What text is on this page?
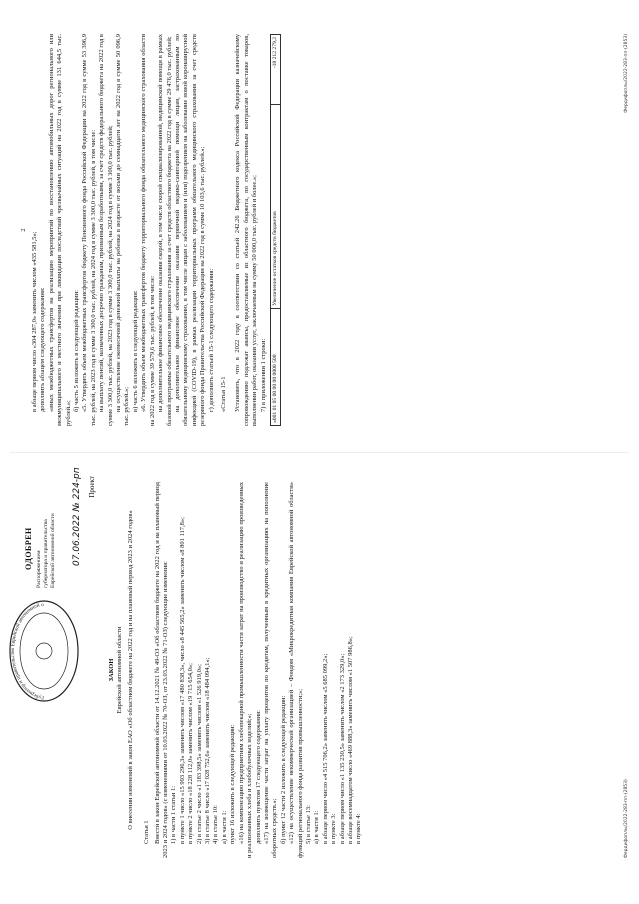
Губернатор и правительство Еврейской автономной о
ОДОБРЕН Распоряжением губернатора и правительства Еврейской автономной области 07.06.2022 № 224-рп Проект

ЗАКОН Еврейской автономной области О внесении изменений в закон ЕАО «Об областном бюджете на 2022 год и на плановый период 2023 и 2024 годов»

Статья 1 Внести в закон Еврейской автономной области от 14.12.2021 № 49-ОЗ «Об областном бюджете на 2022 год и на плановый период 2023 и 2024 годов» (с изменениями от 10.03.2022 № 70-ОЗ, от 23.03.2022 № 71-ОЗ) следующие изменения: 1) в части 1 статьи 1: в пункте 1 число «15 993 296,3» заменить числом «17 480 838,3», число «8 445 565,2» заменить числом «8 801 117,8»; в пункте 2 число «18 228 112,0» заменить числом «19 715 654,0»; 2) в статье 2 число «1 183 398,5» заменить числом «1 526 919,0»; 3) в статье 8 число «17 028 752,6» заменить числом «18 484 094,1»; 4) в статье 10: а) в части 1: пункт 16 изложить в следующей редакции: «16) на компенсацию предприятиям хлебопекарной промышленности части затрат на производство и реализацию произведенных и реализованных хлеба и хлебобулочных изделий;»; дополнить пунктом 17 следующего содержания: «17) на возмещение части затрат на уплату процентов по кредитам, полученным в кредитных организациях на пополнение оборотных средств.»; б) пункт 12 части 2 изложить в следующей редакции: «12) на осуществление некоммерческой организацией – Фондом «Микрокредитная компания Еврейской автономной области» функций регионального фонда развития промышленности;»; 5) в статье 13: а) в части 1: в абзаце первом число «4 515 706,2» заменить числом «5 685 099,2»; в пункте 3: в абзаце первом число «1 135 230,5» заменить числом «2 173 329,0»; в абзаце восемнадцатом число «469 888,3» заменить числом «1 507 986,8»; в пункте 4:	Фердифоплы/2022-283-пп-(2853)
2

в абзаце первом число «304 287,0» заменить числом «435 581,5»; дополнить абзацем следующего содержания: «иных межбюджетных трансфертов на реализацию мероприятий по восстановлению автомобильных дорог регионального или межмуниципального и местного значения при ликвидации последствий чрезвычайных ситуаций на 2022 год в сумме 131 644,5 тыс. рублей.»;

б) часть 5 изложить в следующей редакции: «5. Утвердить объем межбюджетных трансфертов бюджету Пенсионного фонда Российской Федерации на 2022 год в сумме 53 396,9 тыс. рублей, на 2023 год в сумме 3 300,0 тыс. рублей, на 2024 год в сумме 3 300,0 тыс. рублей, в том числе: на выплату пенсий, назначенных досрочно гражданам, признанным безработными, за счет средств федерального бюджета на 2022 год в сумме 3 300,0 тыс. рублей, на 2023 год в сумме 3 300,0 тыс. рублей, на 2024 год в сумме 3 300,0 тыс. рублей; на осуществление ежемесячной денежной выплаты на ребенка в возрасте от восьми до семнадцати лет на 2022 год в сумме 50 096,9 тыс. рублей.»; в) часть 6 изложить в следующей редакции: «6. Утвердить объем межбюджетных трансфертов бюджету территориального фонда обязательного медицинского страхования области на 2022 год в сумме 39 579,6 тыс. рублей, в том числе: на дополнительное финансовое обеспечение оказания скорой, в том числе скорой специализированной, медицинской помощи в рамках базовой программы обязательного медицинского страхования за счет средств областного бюджета на 2022 год в сумме 29 476,0 тыс. рублей; на дополнительное финансовое обеспечение оказания первичной медико-санитарной помощи лицам, застрахованным по обязательному медицинскому страхованию, в том числе лицам с заболеванием и (или) подозрением на заболевание новой коронавирусной инфекцией (COVID-19), в рамках реализации территориальных программ обязательного медицинского страхования за счет средств резервного фонда Правительства Российской Федерации на 2022 год в сумме 10 103,6 тыс. рублей.»; г) дополнить статьей 15-1 следующего содержания: «Статья 15-1 Установить, что в 2022 году в соответствии со статьей 242.26 Бюджетного кодекса Российской Федерации казначейскому сопровождению подлежат авансы, предоставляемые из областного бюджета, по государственным контрактам о поставке товаров, выполнении работ, оказании услуг, заключаемым на сумму 50 000,0 тыс. рублей и более.»; 7) в приложении 1 строки: «001 01 05 00 00 00 0000 500	Увеличение остатков средств бюджетов	-18 212 279,2	Фердифоплы/2022-283-пп-(2853)
